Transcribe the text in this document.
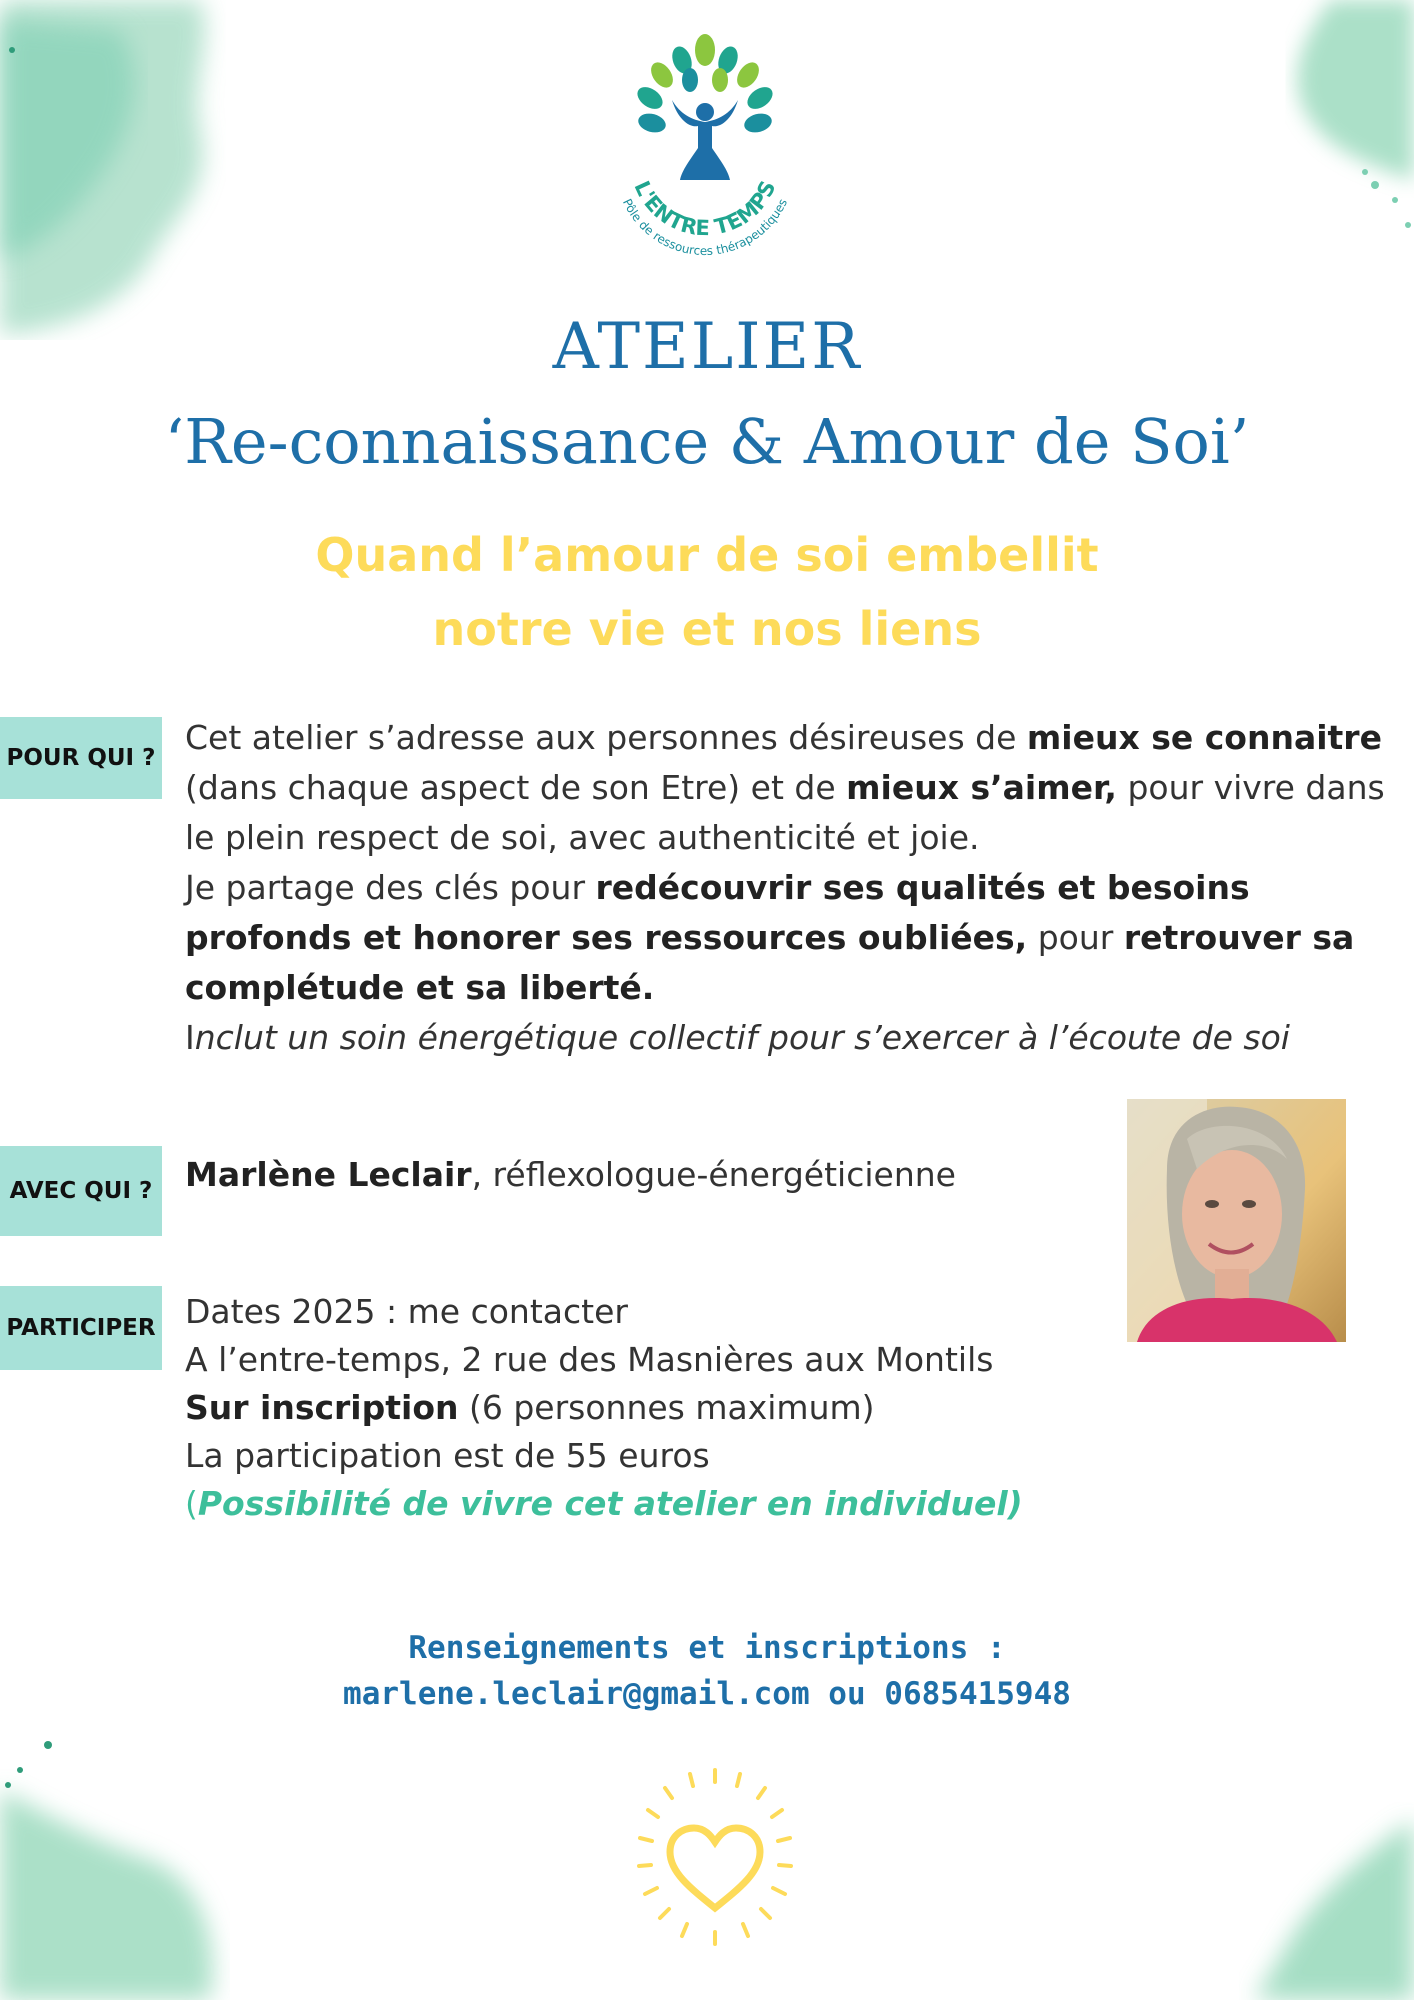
L'ENTRE TEMPS
Pôle de ressources thérapeutiques
ATELIER
‘Re-connaissance & Amour de Soi’
Quand l’amour de soi embellit
notre vie et nos liens
POUR QUI ?
Cet atelier s’adresse aux personnes désireuses de mieux se connaitre (dans chaque aspect de son Etre) et de mieux s’aimer, pour vivre dans le plein respect de soi, avec authenticité et joie.
Je partage des clés pour redécouvrir ses qualités et besoins profonds et honorer ses ressources oubliées, pour retrouver sa complétude et sa liberté.
Inclut un soin énergétique collectif pour s’exercer à l’écoute de soi
AVEC QUI ? Marlène Leclair, réflexologue-énergéticienne
PARTICIPER Dates 2025 : me contacter
A l’entre-temps, 2 rue des Masnières aux Montils
Sur inscription (6 personnes maximum)
La participation est de 55 euros
(Possibilité de vivre cet atelier en individuel)
Renseignements et inscriptions :
marlene.leclair@gmail.com ou 0685415948
